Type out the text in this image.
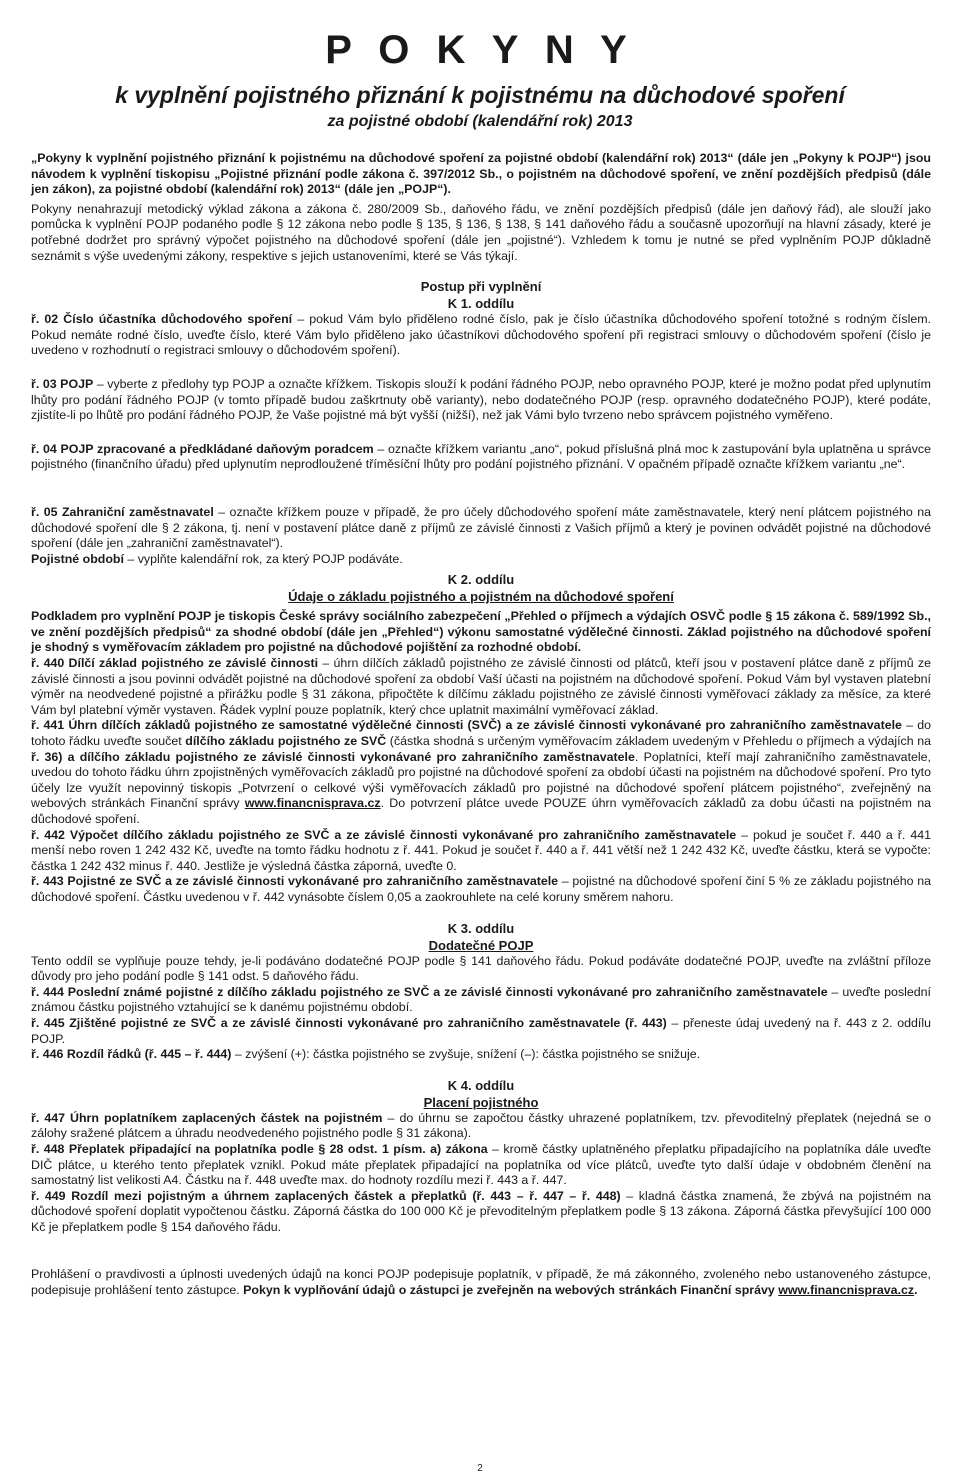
P O K Y N Y
k vyplnění pojistného přiznání k pojistnému na důchodové spoření
za pojistné období (kalendářní rok) 2013

„Pokyny k vyplnění pojistného přiznání k pojistnému na důchodové spoření za pojistné období (kalendářní rok) 2013“ (dále jen „Pokyny k POJP“) jsou návodem k vyplnění tiskopisu „Pojistné přiznání podle zákona č. 397/2012 Sb., o pojistném na důchodové spoření, ve znění pozdějších předpisů (dále jen zákon), za pojistné období (kalendářní rok) 2013“ (dále jen „POJP“).

Pokyny nenahrazují metodický výklad zákona a zákona č. 280/2009 Sb., daňového řádu, ve znění pozdějších předpisů (dále jen daňový řád), ale slouží jako pomůcka k vyplnění POJP podaného podle § 12 zákona nebo podle § 135, § 136, § 138, § 141 daňového řádu a současně upozorňují na hlavní zásady, které je potřebné dodržet pro správný výpočet pojistného na důchodové spoření (dále jen „pojistné“). Vzhledem k tomu je nutné se před vyplněním POJP důkladně seznámit s výše uvedenými zákony, respektive s jejich ustanoveními, které se Vás týkají.

Postup při vyplnění

K 1. oddílu

ř. 02 Číslo účastníka důchodového spoření – pokud Vám bylo přiděleno rodné číslo, pak je číslo účastníka důchodového spoření totožné s rodným číslem. Pokud nemáte rodné číslo, uveďte číslo, které Vám bylo přiděleno jako účastníkovi důchodového spoření při registraci smlouvy o důchodovém spoření (číslo je uvedeno v rozhodnutí o registraci smlouvy o důchodovém spoření).

ř. 03 POJP – vyberte z předlohy typ POJP a označte křížkem. Tiskopis slouží k podání řádného POJP, nebo opravného POJP, které je možno podat před uplynutím lhůty pro podání řádného POJP (v tomto případě budou zaškrtnuty obě varianty), nebo dodatečného POJP (resp. opravného dodatečného POJP), které podáte, zjistíte-li po lhůtě pro podání řádného POJP, že Vaše pojistné má být vyšší (nižší), než jak Vámi bylo tvrzeno nebo správcem pojistného vyměřeno.

ř. 04 POJP zpracované a předkládané daňovým poradcem – označte křížkem variantu „ano“, pokud příslušná plná moc k zastupování byla uplatněna u správce pojistného (finančního úřadu) před uplynutím neprodloužené tříměsíční lhůty pro podání pojistného přiznání. V opačném případě označte křížkem variantu „ne“.

ř. 05 Zahraniční zaměstnavatel – označte křížkem pouze v případě, že pro účely důchodového spoření máte zaměstnavatele, který není plátcem pojistného na důchodové spoření dle § 2 zákona, tj. není v postavení plátce daně z příjmů ze závislé činnosti z Vašich příjmů a který je povinen odvádět pojistné na důchodové spoření (dále jen „zahraniční zaměstnavatel“).

Pojistné období – vyplňte kalendářní rok, za který POJP podáváte.

K 2. oddílu

Údaje o základu pojistného a pojistném na důchodové spoření

Podkladem pro vyplnění POJP je tiskopis České správy sociálního zabezpečení „Přehled o příjmech a výdajích OSVČ podle § 15 zákona č. 589/1992 Sb., ve znění pozdějších předpisů“ za shodné období (dále jen „Přehled“) výkonu samostatné výdělečné činnosti. Základ pojistného na důchodové spoření je shodný s vyměřovacím základem pro pojistné na důchodové pojištění za rozhodné období.

ř. 440 Dílčí základ pojistného ze závislé činnosti – úhrn dílčích základů pojistného ze závislé činnosti od plátců, kteří jsou v postavení plátce daně z příjmů ze závislé činnosti a jsou povinni odvádět pojistné na důchodové spoření za období Vaší účasti na pojistném na důchodové spoření. Pokud Vám byl vystaven platební výměr na neodvedené pojistné a přirážku podle § 31 zákona, připočtěte k dílčímu základu pojistného ze závislé činnosti vyměřovací základy za měsíce, za které Vám byl platební výměr vystaven. Řádek vyplní pouze poplatník, který chce uplatnit maximální vyměřovací základ.

ř. 441 Úhrn dílčích základů pojistného ze samostatné výdělečné činnosti (SVČ) a ze závislé činnosti vykonávané pro zahraničního zaměstnavatele – do tohoto řádku uveďte součet dílčího základu pojistného ze SVČ (částka shodná s určeným vyměřovacím základem uvedeným v Přehledu o příjmech a výdajích na ř. 36) a dílčího základu pojistného ze závislé činnosti vykonávané pro zahraničního zaměstnavatele. Poplatníci, kteří mají zahraničního zaměstnavatele, uvedou do tohoto řádku úhrn zpojistněných vyměřovacích základů pro pojistné na důchodové spoření za období účasti na pojistném na důchodové spoření. Pro tyto účely lze využít nepovinný tiskopis „Potvrzení o celkové výši vyměřovacích základů pro pojistné na důchodové spoření plátcem pojistného“, zveřejněný na webových stránkách Finanční správy www.financnisprava.cz. Do potvrzení plátce uvede POUZE úhrn vyměřovacích základů za dobu účasti na pojistném na důchodové spoření.

ř. 442 Výpočet dílčího základu pojistného ze SVČ a ze závislé činnosti vykonávané pro zahraničního zaměstnavatele – pokud je součet ř. 440 a ř. 441 menší nebo roven 1 242 432 Kč, uveďte na tomto řádku hodnotu z ř. 441. Pokud je součet ř. 440 a ř. 441 větší než 1 242 432 Kč, uveďte částku, která se vypočte: částka 1 242 432 minus ř. 440. Jestliže je výsledná částka záporná, uveďte 0.

ř. 443 Pojistné ze SVČ a ze závislé činnosti vykonávané pro zahraničního zaměstnavatele – pojistné na důchodové spoření činí 5 % ze základu pojistného na důchodové spoření. Částku uvedenou v ř. 442 vynásobte číslem 0,05 a zaokrouhlete na celé koruny směrem nahoru.

K 3. oddílu

Dodatečné POJP

Tento oddíl se vyplňuje pouze tehdy, je-li podáváno dodatečné POJP podle § 141 daňového řádu. Pokud podáváte dodatečné POJP, uveďte na zvláštní příloze důvody pro jeho podání podle § 141 odst. 5 daňového řádu.

ř. 444 Poslední známé pojistné z dílčího základu pojistného ze SVČ a ze závislé činnosti vykonávané pro zahraničního zaměstnavatele – uveďte poslední známou částku pojistného vztahující se k danému pojistnému období.

ř. 445 Zjištěné pojistné ze SVČ a ze závislé činnosti vykonávané pro zahraničního zaměstnavatele (ř. 443) – přeneste údaj uvedený na ř. 443 z 2. oddílu POJP.

ř. 446 Rozdíl řádků (ř. 445 – ř. 444) – zvýšení (+): částka pojistného se zvyšuje, snížení (–): částka pojistného se snižuje.

K 4. oddílu

Placení pojistného

ř. 447 Úhrn poplatníkem zaplacených částek na pojistném – do úhrnu se započtou částky uhrazené poplatníkem, tzv. převoditelný přeplatek (nejedná se o zálohy sražené plátcem a úhradu neodvedeného pojistného podle § 31 zákona).

ř. 448 Přeplatek připadající na poplatníka podle § 28 odst. 1 písm. a) zákona – kromě částky uplatněného přeplatku připadajícího na poplatníka dále uveďte DIČ plátce, u kterého tento přeplatek vznikl. Pokud máte přeplatek připadající na poplatníka od více plátců, uveďte tyto další údaje v obdobném členění na samostatný list velikosti A4. Částku na ř. 448 uveďte max. do hodnoty rozdílu mezi ř. 443 a ř. 447.

ř. 449 Rozdíl mezi pojistným a úhrnem zaplacených částek a přeplatků (ř. 443 – ř. 447 – ř. 448) – kladná částka znamená, že zbývá na pojistném na důchodové spoření doplatit vypočtenou částku. Záporná částka do 100 000 Kč je převoditelným přeplatkem podle § 13 zákona. Záporná částka převyšující 100 000 Kč je přeplatkem podle § 154 daňového řádu.

Prohlášení o pravdivosti a úplnosti uvedených údajů na konci POJP podepisuje poplatník, v případě, že má zákonného, zvoleného nebo ustanoveného zástupce, podepisuje prohlášení tento zástupce. Pokyn k vyplňování údajů o zástupci je zveřejněn na webových stránkách Finanční správy www.financnisprava.cz.

2
